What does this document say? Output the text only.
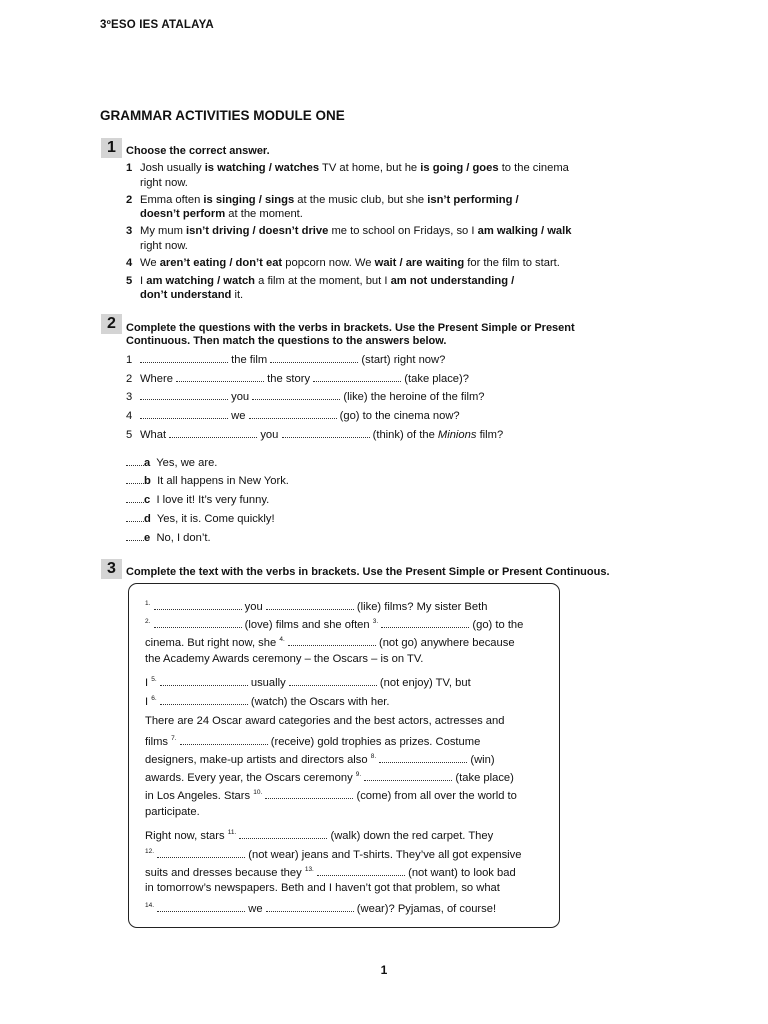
3ºESO IES ATALAYA
GRAMMAR ACTIVITIES MODULE ONE
1 Choose the correct answer.
1 Josh usually is watching / watches TV at home, but he is going / goes to the cinema
right now.
2 Emma often is singing / sings at the music club, but she isn’t performing /
doesn’t perform at the moment.
3 My mum isn’t driving / doesn’t drive me to school on Fridays, so I am walking / walk
right now.
4 We aren’t eating / don’t eat popcorn now. We wait / are waiting for the film to start.
5 I am watching / watch a film at the moment, but I am not understanding /
don’t understand it.
2 Complete the questions with the verbs in brackets. Use the Present Simple or Present
Continuous. Then match the questions to the answers below.
1	the film	(start) right now?
2 Where	the story	(take place)?
3	you	(like) the heroine of the film?
4	we	(go) to the cinema now?
5 What	you	(think) of the Minions film?
a Yes, we are.
b It all happens in New York.
c I love it! It’s very funny.
d Yes, it is. Come quickly!
e No, I don’t.
3 Complete the text with the verbs in brackets. Use the Present Simple or Present Continuous.
$^{1.}$	you	(like) films? My sister Beth
$^{2.}$	(love) films and she often $^{3.}$	(go) to the
cinema. But right now, she $^{4.}$	(not go) anywhere because
the Academy Awards ceremony – the Oscars – is on TV.
I $^{5.}$	usually	(not enjoy) TV, but
I $^{6.}$	(watch) the Oscars with her.
There are 24 Oscar award categories and the best actors, actresses and
films $^{7.}$	(receive) gold trophies as prizes. Costume
designers, make-up artists and directors also $^{8.}$	(win)
awards. Every year, the Oscars ceremony $^{9.}$	(take place)
in Los Angeles. Stars $^{10.}$	(come) from all over the world to
participate.
Right now, stars $^{11.}$	(walk) down the red carpet. They
$^{12.}$	(not wear) jeans and T-shirts. They’ve all got expensive
suits and dresses because they $^{13.}$	(not want) to look bad
in tomorrow’s newspapers. Beth and I haven’t got that problem, so what
$^{14.}$	we	(wear)? Pyjamas, of course!
1
